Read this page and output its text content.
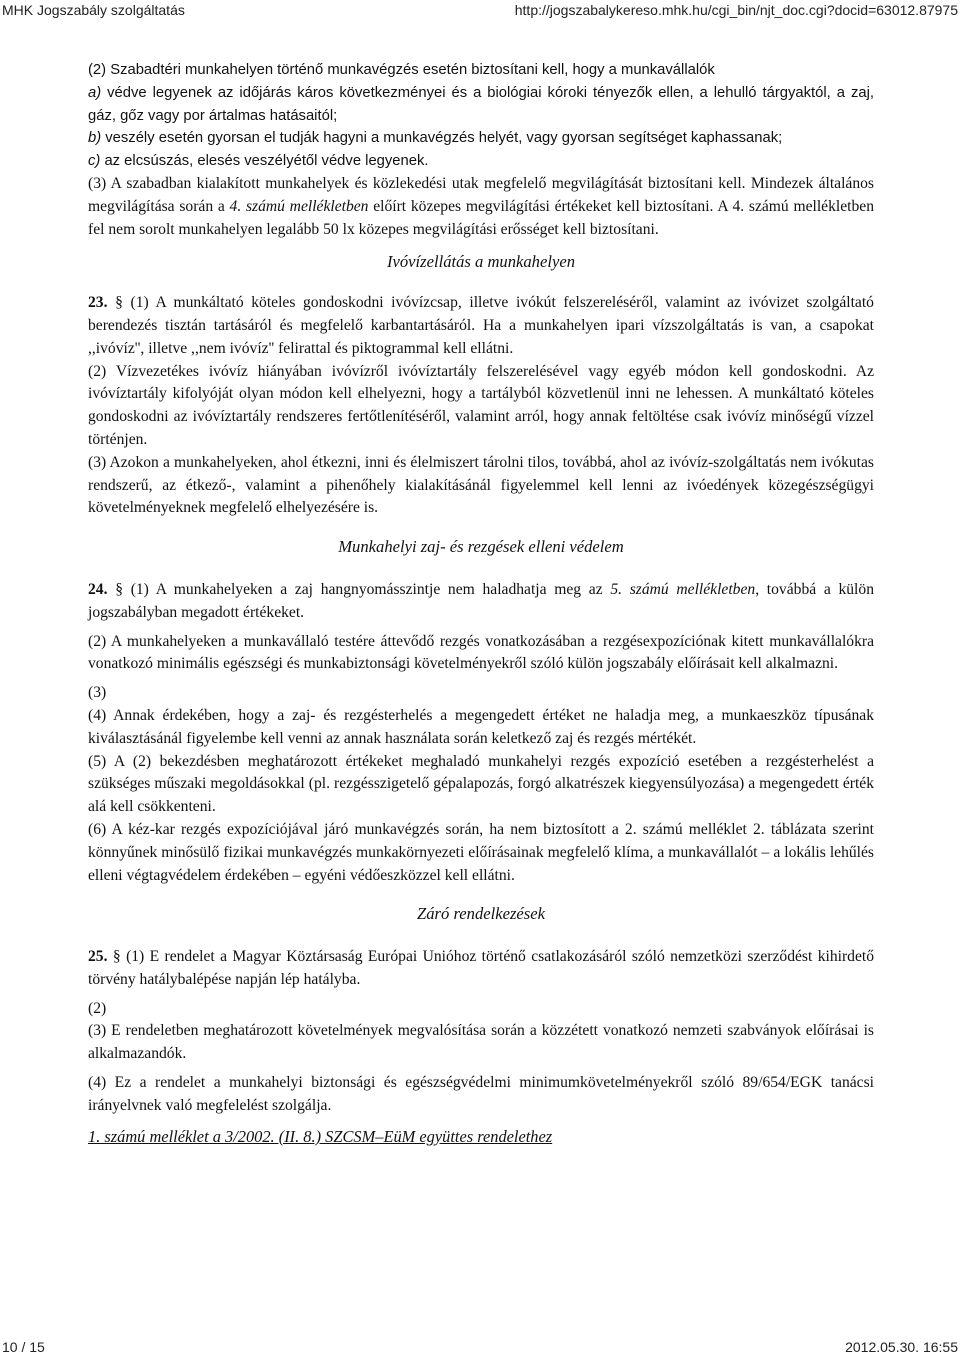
MHK Jogszabály szolgáltatás	http://jogszabalykereso.mhk.hu/cgi_bin/njt_doc.cgi?docid=63012.87975

(2) Szabadtéri munkahelyen történő munkavégzés esetén biztosítani kell, hogy a munkavállalók

a) védve legyenek az időjárás káros következményei és a biológiai kóroki tényezők ellen, a lehulló tárgyaktól, a zaj, gáz, gőz vagy por ártalmas hatásaitól;

b) veszély esetén gyorsan el tudják hagyni a munkavégzés helyét, vagy gyorsan segítséget kaphassanak;

c) az elcsúszás, elesés veszélyétől védve legyenek.

(3) A szabadban kialakított munkahelyek és közlekedési utak megfelelő megvilágítását biztosítani kell. Mindezek általános megvilágítása során a 4. számú mellékletben előírt közepes megvilágítási értékeket kell biztosítani. A 4. számú mellékletben fel nem sorolt munkahelyen legalább 50 lx közepes megvilágítási erősséget kell biztosítani.

Ivóvízellátás a munkahelyen

23. § (1) A munkáltató köteles gondoskodni ivóvízcsap, illetve ivókút felszereléséről, valamint az ivóvizet szolgáltató berendezés tisztán tartásáról és megfelelő karbantartásáról. Ha a munkahelyen ipari vízszolgáltatás is van, a csapokat ,,ivóvíz'', illetve ,,nem ivóvíz'' felirattal és piktogrammal kell ellátni.

(2) Vízvezetékes ivóvíz hiányában ivóvízről ivóvíztartály felszerelésével vagy egyéb módon kell gondoskodni. Az ivóvíztartály kifolyóját olyan módon kell elhelyezni, hogy a tartályból közvetlenül inni ne lehessen. A munkáltató köteles gondoskodni az ivóvíztartály rendszeres fertőtlenítéséről, valamint arról, hogy annak feltöltése csak ivóvíz minőségű vízzel történjen.

(3) Azokon a munkahelyeken, ahol étkezni, inni és élelmiszert tárolni tilos, továbbá, ahol az ivóvíz-szolgáltatás nem ivókutas rendszerű, az étkező-, valamint a pihenőhely kialakításánál figyelemmel kell lenni az ivóedények közegészségügyi követelményeknek megfelelő elhelyezésére is.

Munkahelyi zaj- és rezgések elleni védelem

24. § (1) A munkahelyeken a zaj hangnyomásszintje nem haladhatja meg az 5. számú mellékletben, továbbá a külön jogszabályban megadott értékeket.

(2) A munkahelyeken a munkavállaló testére áttevődő rezgés vonatkozásában a rezgésexpozíciónak kitett munkavállalókra vonatkozó minimális egészségi és munkabiztonsági követelményekről szóló külön jogszabály előírásait kell alkalmazni.

(3)

(4) Annak érdekében, hogy a zaj- és rezgésterhelés a megengedett értéket ne haladja meg, a munkaeszköz típusának kiválasztásánál figyelembe kell venni az annak használata során keletkező zaj és rezgés mértékét.

(5) A (2) bekezdésben meghatározott értékeket meghaladó munkahelyi rezgés expozíció esetében a rezgésterhelést a szükséges műszaki megoldásokkal (pl. rezgésszigetelő gépalapozás, forgó alkatrészek kiegyensúlyozása) a megengedett érték alá kell csökkenteni.

(6) A kéz-kar rezgés expozíciójával járó munkavégzés során, ha nem biztosított a 2. számú melléklet 2. táblázata szerint könnyűnek minősülő fizikai munkavégzés munkakörnyezeti előírásainak megfelelő klíma, a munkavállalót – a lokális lehűlés elleni végtagvédelem érdekében – egyéni védőeszközzel kell ellátni.

Záró rendelkezések

25. § (1) E rendelet a Magyar Köztársaság Európai Unióhoz történő csatlakozásáról szóló nemzetközi szerződést kihirdető törvény hatálybalépése napján lép hatályba.

(2)

(3) E rendeletben meghatározott követelmények megvalósítása során a közzétett vonatkozó nemzeti szabványok előírásai is alkalmazandók.

(4) Ez a rendelet a munkahelyi biztonsági és egészségvédelmi minimumkövetelményekről szóló 89/654/EGK tanácsi irányelvnek való megfelelést szolgálja.

1. számú melléklet a 3/2002. (II. 8.) SZCSM–EüM együttes rendelethez

10 / 15	2012.05.30. 16:55
